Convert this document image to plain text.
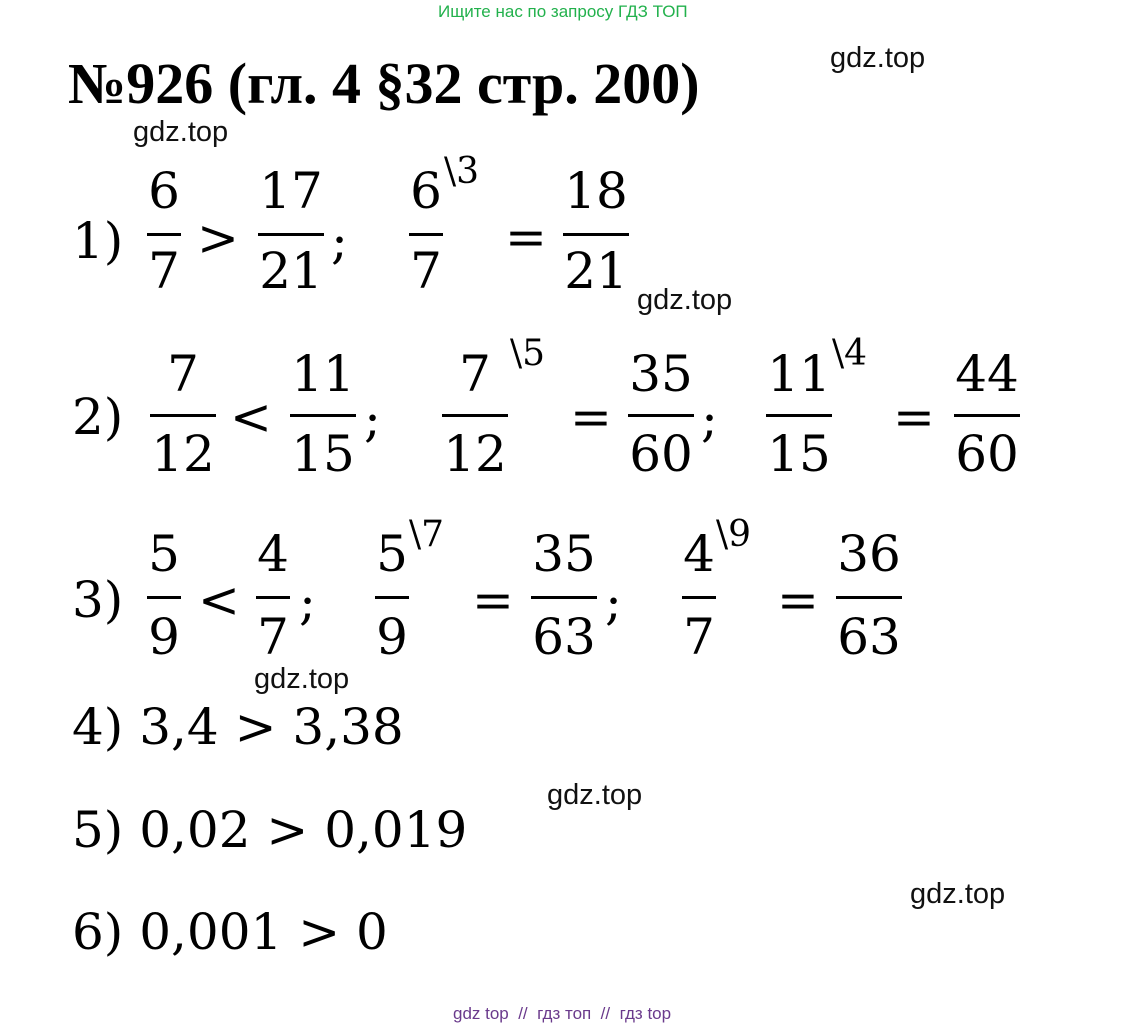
Ищите нас по запросу ГДЗ ТОП
№926 (гл. 4 §32 стр. 200)	gdz.top
gdz.top
gdz.top
gdz.top
gdz.top
gdz.top
1)
6
7
>
17
21
;
6 \3
7
=
18
21
2)
7
12
<
11
15
;
7 \5
12
=
35
60
;
11 \4
15
=
44
60
3)
5
9
<
4
7
;
5 \7
9
=
35
63
;
4 \9
7
=
36
63
4) 3,4 > 3,38
5) 0,02 > 0,019
6) 0,001 > 0
gdz top  //  гдз топ  //  гдз top
